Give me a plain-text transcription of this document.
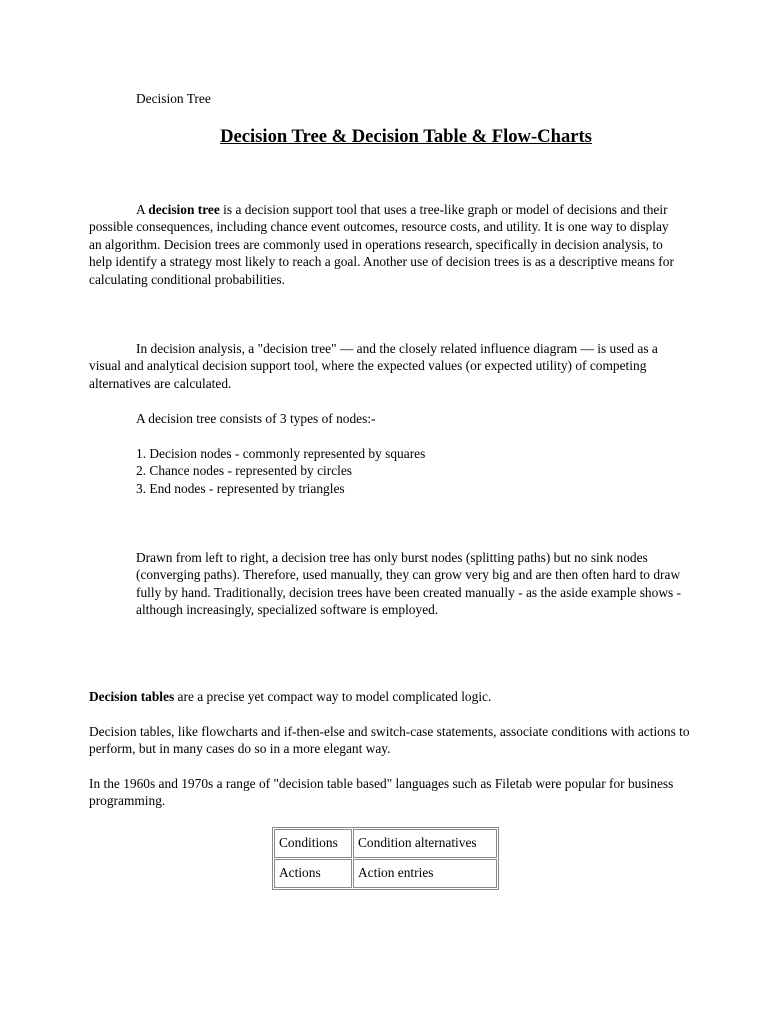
Decision Tree
Decision Tree & Decision Table & Flow-Charts

A decision tree is a decision support tool that uses a tree-like graph or model of decisions and their possible consequences, including chance event outcomes, resource costs, and utility. It is one way to display an algorithm. Decision trees are commonly used in operations research, specifically in decision analysis, to help identify a strategy most likely to reach a goal. Another use of decision trees is as a descriptive means for calculating conditional probabilities.

In decision analysis, a "decision tree" — and the closely related influence diagram — is used as a visual and analytical decision support tool, where the expected values (or expected utility) of competing alternatives are calculated.

A decision tree consists of 3 types of nodes:-

1. Decision nodes - commonly represented by squares
2. Chance nodes - represented by circles
3. End nodes - represented by triangles

Drawn from left to right, a decision tree has only burst nodes (splitting paths) but no sink nodes (converging paths). Therefore, used manually, they can grow very big and are then often hard to draw fully by hand. Traditionally, decision trees have been created manually - as the aside example shows - although increasingly, specialized software is employed.

Decision tables are a precise yet compact way to model complicated logic.

Decision tables, like flowcharts and if-then-else and switch-case statements, associate conditions with actions to perform, but in many cases do so in a more elegant way.

In the 1960s and 1970s a range of "decision table based" languages such as Filetab were popular for business programming.

Conditions	Condition alternatives
Actions	Action entries
